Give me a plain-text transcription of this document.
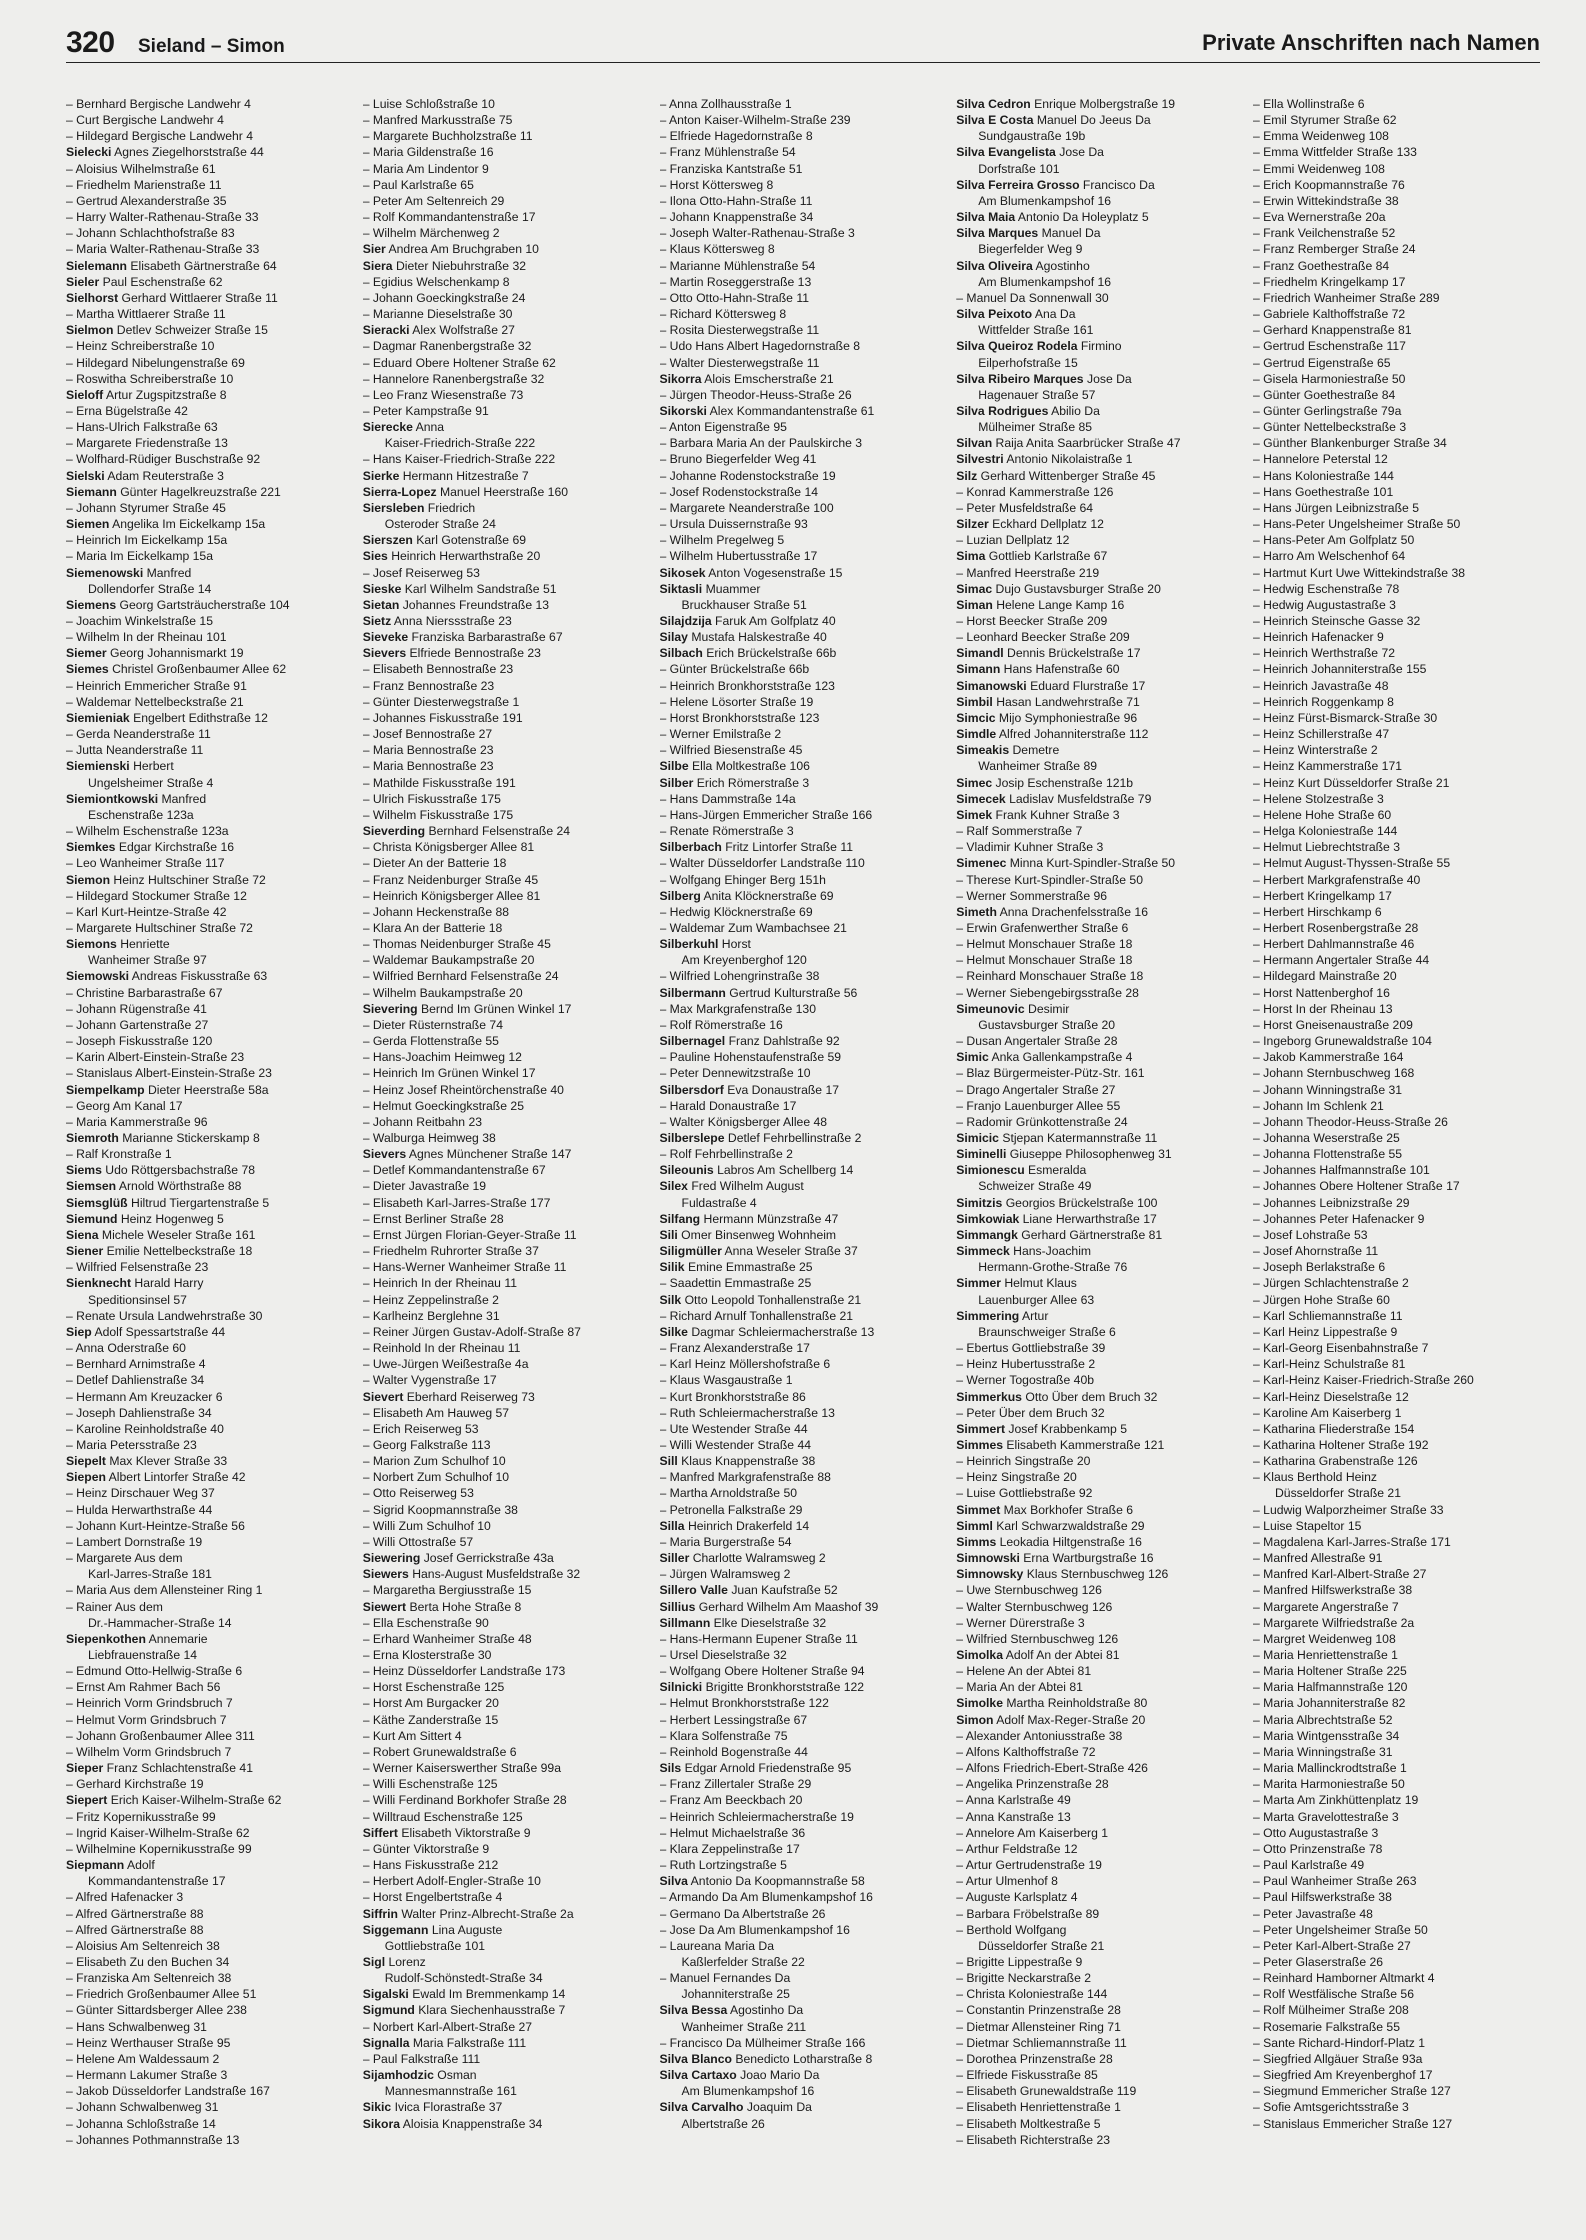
320 Sieland – Simon	Private Anschriften nach Namen
– Bernhard Bergische Landwehr 4
– Curt Bergische Landwehr 4
– Hildegard Bergische Landwehr 4
Sielecki Agnes Ziegelhorststraße 44
– Aloisius Wilhelmstraße 61
– Friedhelm Marienstraße 11
– Gertrud Alexanderstraße 35
– Harry Walter-Rathenau-Straße 33
– Johann Schlachthofstraße 83
– Maria Walter-Rathenau-Straße 33
Sielemann Elisabeth Gärtnerstraße 64
Sieler Paul Eschenstraße 62
Sielhorst Gerhard Wittlaerer Straße 11
– Martha Wittlaerer Straße 11
Sielmon Detlev Schweizer Straße 15
– Heinz Schreiberstraße 10
– Hildegard Nibelungenstraße 69
– Roswitha Schreiberstraße 10
Sieloff Artur Zugspitzstraße 8
– Erna Bügelstraße 42
– Hans-Ulrich Falkstraße 63
– Margarete Friedenstraße 13
– Wolfhard-Rüdiger Buschstraße 92
Sielski Adam Reuterstraße 3
Siemann Günter Hagelkreuzstraße 221
– Johann Styrumer Straße 45
Siemen Angelika Im Eickelkamp 15a
– Heinrich Im Eickelkamp 15a
– Maria Im Eickelkamp 15a
Siemenowski Manfred
Dollendorfer Straße 14
Siemens Georg Gartsträucherstraße 104
– Joachim Winkelstraße 15
– Wilhelm In der Rheinau 101
Siemer Georg Johannismarkt 19
Siemes Christel Großenbaumer Allee 62
– Heinrich Emmericher Straße 91
– Waldemar Nettelbeckstraße 21
Siemieniak Engelbert Edithstraße 12
– Gerda Neanderstraße 11
– Jutta Neanderstraße 11
Siemienski Herbert
Ungelsheimer Straße 4
Siemiontkowski Manfred
Eschenstraße 123a
– Wilhelm Eschenstraße 123a
Siemkes Edgar Kirchstraße 16
– Leo Wanheimer Straße 117
Siemon Heinz Hultschiner Straße 72
– Hildegard Stockumer Straße 12
– Karl Kurt-Heintze-Straße 42
– Margarete Hultschiner Straße 72
Siemons Henriette
Wanheimer Straße 97
Siemowski Andreas Fiskusstraße 63
– Christine Barbarastraße 67
– Johann Rügenstraße 41
– Johann Gartenstraße 27
– Joseph Fiskusstraße 120
– Karin Albert-Einstein-Straße 23
– Stanislaus Albert-Einstein-Straße 23
Siempelkamp Dieter Heerstraße 58a
– Georg Am Kanal 17
– Maria Kammerstraße 96
Siemroth Marianne Stickerskamp 8
– Ralf Kronstraße 1
Siems Udo Röttgersbachstraße 78
Siemsen Arnold Wörthstraße 88
Siemsglüß Hiltrud Tiergartenstraße 5
Siemund Heinz Hogenweg 5
Siena Michele Weseler Straße 161
Siener Emilie Nettelbeckstraße 18
– Wilfried Felsenstraße 23
Sienknecht Harald Harry
Speditionsinsel 57
– Renate Ursula Landwehrstraße 30
Siep Adolf Spessartstraße 44
– Anna Oderstraße 60
– Bernhard Arnimstraße 4
– Detlef Dahlienstraße 34
– Hermann Am Kreuzacker 6
– Joseph Dahlienstraße 34
– Karoline Reinholdstraße 40
– Maria Petersstraße 23
Siepelt Max Klever Straße 33
Siepen Albert Lintorfer Straße 42
– Heinz Dirschauer Weg 37
– Hulda Herwarthstraße 44
– Johann Kurt-Heintze-Straße 56
– Lambert Dornstraße 19
– Margarete Aus dem
Karl-Jarres-Straße 181
– Maria Aus dem Allensteiner Ring 1
– Rainer Aus dem
Dr.-Hammacher-Straße 14
Siepenkothen Annemarie
Liebfrauenstraße 14
– Edmund Otto-Hellwig-Straße 6
– Ernst Am Rahmer Bach 56
– Heinrich Vorm Grindsbruch 7
– Helmut Vorm Grindsbruch 7
– Johann Großenbaumer Allee 311
– Wilhelm Vorm Grindsbruch 7
Sieper Franz Schlachtenstraße 41
– Gerhard Kirchstraße 19
Siepert Erich Kaiser-Wilhelm-Straße 62
– Fritz Kopernikusstraße 99
– Ingrid Kaiser-Wilhelm-Straße 62
– Wilhelmine Kopernikusstraße 99
Siepmann Adolf
Kommandantenstraße 17
– Alfred Hafenacker 3
– Alfred Gärtnerstraße 88
– Alfred Gärtnerstraße 88
– Aloisius Am Seltenreich 38
– Elisabeth Zu den Buchen 34
– Franziska Am Seltenreich 38
– Friedrich Großenbaumer Allee 51
– Günter Sittardsberger Allee 238
– Hans Schwalbenweg 31
– Heinz Werthauser Straße 95
– Helene Am Waldessaum 2
– Hermann Lakumer Straße 3
– Jakob Düsseldorfer Landstraße 167
– Johann Schwalbenweg 31
– Johanna Schloßstraße 14
– Johannes Pothmannstraße 13
– Luise Schloßstraße 10
– Manfred Markusstraße 75
– Margarete Buchholzstraße 11
– Maria Gildenstraße 16
– Maria Am Lindentor 9
– Paul Karlstraße 65
– Peter Am Seltenreich 29
– Rolf Kommandantenstraße 17
– Wilhelm Märchenweg 2
Sier Andrea Am Bruchgraben 10
Siera Dieter Niebuhrstraße 32
– Egidius Welschenkamp 8
– Johann Goeckingkstraße 24
– Marianne Dieselstraße 30
Sieracki Alex Wolfstraße 27
– Dagmar Ranenbergstraße 32
– Eduard Obere Holtener Straße 62
– Hannelore Ranenbergstraße 32
– Leo Franz Wiesenstraße 73
– Peter Kampstraße 91
Sierecke Anna
Kaiser-Friedrich-Straße 222
– Hans Kaiser-Friedrich-Straße 222
Sierke Hermann Hitzestraße 7
Sierra-Lopez Manuel Heerstraße 160
Siersleben Friedrich
Osteroder Straße 24
Sierszen Karl Gotenstraße 69
Sies Heinrich Herwarthstraße 20
– Josef Reiserweg 53
Sieske Karl Wilhelm Sandstraße 51
Sietan Johannes Freundstraße 13
Sietz Anna Nierssstraße 23
Sieveke Franziska Barbarastraße 67
Sievers Elfriede Bennostraße 23
– Elisabeth Bennostraße 23
– Franz Bennostraße 23
– Günter Diesterwegstraße 1
– Johannes Fiskusstraße 191
– Josef Bennostraße 27
– Maria Bennostraße 23
– Maria Bennostraße 23
– Mathilde Fiskusstraße 191
– Ulrich Fiskusstraße 175
– Wilhelm Fiskusstraße 175
Sieverding Bernhard Felsenstraße 24
– Christa Königsberger Allee 81
– Dieter An der Batterie 18
– Franz Neidenburger Straße 45
– Heinrich Königsberger Allee 81
– Johann Heckenstraße 88
– Klara An der Batterie 18
– Thomas Neidenburger Straße 45
– Waldemar Baukampstraße 20
– Wilfried Bernhard Felsenstraße 24
– Wilhelm Baukampstraße 20
Sievering Bernd Im Grünen Winkel 17
– Dieter Rüsternstraße 74
– Gerda Flottenstraße 55
– Hans-Joachim Heimweg 12
– Heinrich Im Grünen Winkel 17
– Heinz Josef Rheintörchenstraße 40
– Helmut Goeckingkstraße 25
– Johann Reitbahn 23
– Walburga Heimweg 38
Sievers Agnes Münchener Straße 147
– Detlef Kommandantenstraße 67
– Dieter Javastraße 19
– Elisabeth Karl-Jarres-Straße 177
– Ernst Berliner Straße 28
– Ernst Jürgen Florian-Geyer-Straße 11
– Friedhelm Ruhrorter Straße 37
– Hans-Werner Wanheimer Straße 11
– Heinrich In der Rheinau 11
– Heinz Zeppelinstraße 2
– Karlheinz Berglehne 31
– Reiner Jürgen Gustav-Adolf-Straße 87
– Reinhold In der Rheinau 11
– Uwe-Jürgen Weißestraße 4a
– Walter Vygenstraße 17
Sievert Eberhard Reiserweg 73
– Elisabeth Am Hauweg 57
– Erich Reiserweg 53
– Georg Falkstraße 113
– Marion Zum Schulhof 10
– Norbert Zum Schulhof 10
– Otto Reiserweg 53
– Sigrid Koopmannstraße 38
– Willi Zum Schulhof 10
– Willi Ottostraße 57
Siewering Josef Gerrickstraße 43a
Siewers Hans-August Musfeldstraße 32
– Margaretha Bergiusstraße 15
Siewert Berta Hohe Straße 8
– Ella Eschenstraße 90
– Erhard Wanheimer Straße 48
– Erna Klosterstraße 30
– Heinz Düsseldorfer Landstraße 173
– Horst Eschenstraße 125
– Horst Am Burgacker 20
– Käthe Zanderstraße 15
– Kurt Am Sittert 4
– Robert Grunewaldstraße 6
– Werner Kaiserswerther Straße 99a
– Willi Eschenstraße 125
– Willi Ferdinand Borkhofer Straße 28
– Willtraud Eschenstraße 125
Siffert Elisabeth Viktorstraße 9
– Günter Viktorstraße 9
– Hans Fiskusstraße 212
– Herbert Adolf-Engler-Straße 10
– Horst Engelbertstraße 4
Siffrin Walter Prinz-Albrecht-Straße 2a
Siggemann Lina Auguste
Gottliebstraße 101
Sigl Lorenz
Rudolf-Schönstedt-Straße 34
Sigalski Ewald Im Bremmenkamp 14
Sigmund Klara Siechenhausstraße 7
– Norbert Karl-Albert-Straße 27
Signalla Maria Falkstraße 111
– Paul Falkstraße 111
Sijamhodzic Osman
Mannesmannstraße 161
Sikic Ivica Florastraße 37
Sikora Aloisia Knappenstraße 34
– Anna Zollhausstraße 1
– Anton Kaiser-Wilhelm-Straße 239
– Elfriede Hagedornstraße 8
– Franz Mühlenstraße 54
– Franziska Kantstraße 51
– Horst Köttersweg 8
– Ilona Otto-Hahn-Straße 11
– Johann Knappenstraße 34
– Joseph Walter-Rathenau-Straße 3
– Klaus Köttersweg 8
– Marianne Mühlenstraße 54
– Martin Roseggerstraße 13
– Otto Otto-Hahn-Straße 11
– Richard Köttersweg 8
– Rosita Diesterwegstraße 11
– Udo Hans Albert Hagedornstraße 8
– Walter Diesterwegstraße 11
Sikorra Alois Emscherstraße 21
– Jürgen Theodor-Heuss-Straße 26
Sikorski Alex Kommandantenstraße 61
– Anton Eigenstraße 95
– Barbara Maria An der Paulskirche 3
– Bruno Biegerfelder Weg 41
– Johanne Rodenstockstraße 19
– Josef Rodenstockstraße 14
– Margarete Neanderstraße 100
– Ursula Duissernstraße 93
– Wilhelm Pregelweg 5
– Wilhelm Hubertusstraße 17
Sikosek Anton Vogesenstraße 15
Siktasli Muammer
Bruckhauser Straße 51
Silajdzija Faruk Am Golfplatz 40
Silay Mustafa Halskestraße 40
Silbach Erich Brückelstraße 66b
– Günter Brückelstraße 66b
– Heinrich Bronkhorststraße 123
– Helene Lösorter Straße 19
– Horst Bronkhorststraße 123
– Werner Emilstraße 2
– Wilfried Biesenstraße 45
Silbe Ella Moltkestraße 106
Silber Erich Römerstraße 3
– Hans Dammstraße 14a
– Hans-Jürgen Emmericher Straße 166
– Renate Römerstraße 3
Silberbach Fritz Lintorfer Straße 11
– Walter Düsseldorfer Landstraße 110
– Wolfgang Ehinger Berg 151h
Silberg Anita Klöcknerstraße 69
– Hedwig Klöcknerstraße 69
– Waldemar Zum Wambachsee 21
Silberkuhl Horst
Am Kreyenberghof 120
– Wilfried Lohengrinstraße 38
Silbermann Gertrud Kulturstraße 56
– Max Markgrafenstraße 130
– Rolf Römerstraße 16
Silbernagel Franz Dahlstraße 92
– Pauline Hohenstaufenstraße 59
– Peter Dennewitzstraße 10
Silbersdorf Eva Donaustraße 17
– Harald Donaustraße 17
– Walter Königsberger Allee 48
Silberslepe Detlef Fehrbellinstraße 2
– Rolf Fehrbellinstraße 2
Sileounis Labros Am Schellberg 14
Silex Fred Wilhelm August
Fuldastraße 4
Silfang Hermann Münzstraße 47
Sili Omer Binsenweg Wohnheim
Siligmüller Anna Weseler Straße 37
Silik Emine Emmastraße 25
– Saadettin Emmastraße 25
Silk Otto Leopold Tonhallenstraße 21
– Richard Arnulf Tonhallenstraße 21
Silke Dagmar Schleiermacherstraße 13
– Franz Alexanderstraße 17
– Karl Heinz Möllershofstraße 6
– Klaus Wasgaustraße 1
– Kurt Bronkhorststraße 86
– Ruth Schleiermacherstraße 13
– Ute Westender Straße 44
– Willi Westender Straße 44
Sill Klaus Knappenstraße 38
– Manfred Markgrafenstraße 88
– Martha Arnoldstraße 50
– Petronella Falkstraße 29
Silla Heinrich Drakerfeld 14
– Maria Burgerstraße 54
Siller Charlotte Walramsweg 2
– Jürgen Walramsweg 2
Sillero Valle Juan Kaufstraße 52
Sillius Gerhard Wilhelm Am Maashof 39
Sillmann Elke Dieselstraße 32
– Hans-Hermann Eupener Straße 11
– Ursel Dieselstraße 32
– Wolfgang Obere Holtener Straße 94
Silnicki Brigitte Bronkhorststraße 122
– Helmut Bronkhorststraße 122
– Herbert Lessingstraße 67
– Klara Solfenstraße 75
– Reinhold Bogenstraße 44
Sils Edgar Arnold Friedenstraße 95
– Franz Zillertaler Straße 29
– Franz Am Beeckbach 20
– Heinrich Schleiermacherstraße 19
– Helmut Michaelstraße 36
– Klara Zeppelinstraße 17
– Ruth Lortzingstraße 5
Silva Antonio Da Koopmannstraße 58
– Armando Da Am Blumenkampshof 16
– Germano Da Albertstraße 26
– Jose Da Am Blumenkampshof 16
– Laureana Maria Da
Kaßlerfelder Straße 22
– Manuel Fernandes Da
Johanniterstraße 25
Silva Bessa Agostinho Da
Wanheimer Straße 211
– Francisco Da Mülheimer Straße 166
Silva Blanco Benedicto Lotharstraße 8
Silva Cartaxo Joao Mario Da
Am Blumenkampshof 16
Silva Carvalho Joaquim Da
Albertstraße 26
Silva Cedron Enrique Molbergstraße 19
Silva E Costa Manuel Do Jeeus Da
Sundgaustraße 19b
Silva Evangelista Jose Da
Dorfstraße 101
Silva Ferreira Grosso Francisco Da
Am Blumenkampshof 16
Silva Maia Antonio Da Holeyplatz 5
Silva Marques Manuel Da
Biegerfelder Weg 9
Silva Oliveira Agostinho
Am Blumenkampshof 16
– Manuel Da Sonnenwall 30
Silva Peixoto Ana Da
Wittfelder Straße 161
Silva Queiroz Rodela Firmino
Eilperhofstraße 15
Silva Ribeiro Marques Jose Da
Hagenauer Straße 57
Silva Rodrigues Abilio Da
Mülheimer Straße 85
Silvan Raija Anita Saarbrücker Straße 47
Silvestri Antonio Nikolaistraße 1
Silz Gerhard Wittenberger Straße 45
– Konrad Kammerstraße 126
– Peter Musfeldstraße 64
Silzer Eckhard Dellplatz 12
– Luzian Dellplatz 12
Sima Gottlieb Karlstraße 67
– Manfred Heerstraße 219
Simac Dujo Gustavsburger Straße 20
Siman Helene Lange Kamp 16
– Horst Beecker Straße 209
– Leonhard Beecker Straße 209
Simandl Dennis Brückelstraße 17
Simann Hans Hafenstraße 60
Simanowski Eduard Flurstraße 17
Simbil Hasan Landwehrstraße 71
Simcic Mijo Symphoniestraße 96
Simdle Alfred Johanniterstraße 112
Simeakis Demetre
Wanheimer Straße 89
Simec Josip Eschenstraße 121b
Simecek Ladislav Musfeldstraße 79
Simek Frank Kuhner Straße 3
– Ralf Sommerstraße 7
– Vladimir Kuhner Straße 3
Simenec Minna Kurt-Spindler-Straße 50
– Therese Kurt-Spindler-Straße 50
– Werner Sommerstraße 96
Simeth Anna Drachenfelsstraße 16
– Erwin Grafenwerther Straße 6
– Helmut Monschauer Straße 18
– Helmut Monschauer Straße 18
– Reinhard Monschauer Straße 18
– Werner Siebengebirgsstraße 28
Simeunovic Desimir
Gustavsburger Straße 20
– Dusan Angertaler Straße 28
Simic Anka Gallenkampstraße 4
– Blaz Bürgermeister-Pütz-Str. 161
– Drago Angertaler Straße 27
– Franjo Lauenburger Allee 55
– Radomir Grünkottenstraße 24
Simicic Stjepan Katermannstraße 11
Siminelli Giuseppe Philosophenweg 31
Simionescu Esmeralda
Schweizer Straße 49
Simitzis Georgios Brückelstraße 100
Simkowiak Liane Herwarthstraße 17
Simmangk Gerhard Gärtnerstraße 81
Simmeck Hans-Joachim
Hermann-Grothe-Straße 76
Simmer Helmut Klaus
Lauenburger Allee 63
Simmering Artur
Braunschweiger Straße 6
– Ebertus Gottliebstraße 39
– Heinz Hubertusstraße 2
– Werner Togostraße 40b
Simmerkus Otto Über dem Bruch 32
– Peter Über dem Bruch 32
Simmert Josef Krabbenkamp 5
Simmes Elisabeth Kammerstraße 121
– Heinrich Singstraße 20
– Heinz Singstraße 20
– Luise Gottliebstraße 92
Simmet Max Borkhofer Straße 6
Simml Karl Schwarzwaldstraße 29
Simms Leokadia Hiltgenstraße 16
Simnowski Erna Wartburgstraße 16
Simnowsky Klaus Sternbuschweg 126
– Uwe Sternbuschweg 126
– Walter Sternbuschweg 126
– Werner Dürerstraße 3
– Wilfried Sternbuschweg 126
Simolka Adolf An der Abtei 81
– Helene An der Abtei 81
– Maria An der Abtei 81
Simolke Martha Reinholdstraße 80
Simon Adolf Max-Reger-Straße 20
– Alexander Antoniusstraße 38
– Alfons Kalthoffstraße 72
– Alfons Friedrich-Ebert-Straße 426
– Angelika Prinzenstraße 28
– Anna Karlstraße 49
– Anna Kanstraße 13
– Annelore Am Kaiserberg 1
– Arthur Feldstraße 12
– Artur Gertrudenstraße 19
– Artur Ulmenhof 8
– Auguste Karlsplatz 4
– Barbara Fröbelstraße 89
– Berthold Wolfgang
Düsseldorfer Straße 21
– Brigitte Lippestraße 9
– Brigitte Neckarstraße 2
– Christa Koloniestraße 144
– Constantin Prinzenstraße 28
– Dietmar Allensteiner Ring 71
– Dietmar Schliemannstraße 11
– Dorothea Prinzenstraße 28
– Elfriede Fiskusstraße 85
– Elisabeth Grunewaldstraße 119
– Elisabeth Henriettenstraße 1
– Elisabeth Moltkestraße 5
– Elisabeth Richterstraße 23
– Ella Wollinstraße 6
– Emil Styrumer Straße 62
– Emma Weidenweg 108
– Emma Wittfelder Straße 133
– Emmi Weidenweg 108
– Erich Koopmannstraße 76
– Erwin Wittekindstraße 38
– Eva Wernerstraße 20a
– Frank Veilchenstraße 52
– Franz Remberger Straße 24
– Franz Goethestraße 84
– Friedhelm Kringelkamp 17
– Friedrich Wanheimer Straße 289
– Gabriele Kalthoffstraße 72
– Gerhard Knappenstraße 81
– Gertrud Eschenstraße 117
– Gertrud Eigenstraße 65
– Gisela Harmoniestraße 50
– Günter Goethestraße 84
– Günter Gerlingstraße 79a
– Günter Nettelbeckstraße 3
– Günther Blankenburger Straße 34
– Hannelore Peterstal 12
– Hans Koloniestraße 144
– Hans Goethestraße 101
– Hans Jürgen Leibnizstraße 5
– Hans-Peter Ungelsheimer Straße 50
– Hans-Peter Am Golfplatz 50
– Harro Am Welschenhof 64
– Hartmut Kurt Uwe Wittekindstraße 38
– Hedwig Eschenstraße 78
– Hedwig Augustastraße 3
– Heinrich Steinsche Gasse 32
– Heinrich Hafenacker 9
– Heinrich Werthstraße 72
– Heinrich Johanniterstraße 155
– Heinrich Javastraße 48
– Heinrich Roggenkamp 8
– Heinz Fürst-Bismarck-Straße 30
– Heinz Schillerstraße 47
– Heinz Winterstraße 2
– Heinz Kammerstraße 171
– Heinz Kurt Düsseldorfer Straße 21
– Helene Stolzestraße 3
– Helene Hohe Straße 60
– Helga Koloniestraße 144
– Helmut Liebrechtstraße 3
– Helmut August-Thyssen-Straße 55
– Herbert Markgrafenstraße 40
– Herbert Kringelkamp 17
– Herbert Hirschkamp 6
– Herbert Rosenbergstraße 28
– Herbert Dahlmannstraße 46
– Hermann Angertaler Straße 44
– Hildegard Mainstraße 20
– Horst Nattenberghof 16
– Horst In der Rheinau 13
– Horst Gneisenaustraße 209
– Ingeborg Grunewaldstraße 104
– Jakob Kammerstraße 164
– Johann Sternbuschweg 168
– Johann Winningstraße 31
– Johann Im Schlenk 21
– Johann Theodor-Heuss-Straße 26
– Johanna Weserstraße 25
– Johanna Flottenstraße 55
– Johannes Halfmannstraße 101
– Johannes Obere Holtener Straße 17
– Johannes Leibnizstraße 29
– Johannes Peter Hafenacker 9
– Josef Lohstraße 53
– Josef Ahornstraße 11
– Joseph Berlakstraße 6
– Jürgen Schlachtenstraße 2
– Jürgen Hohe Straße 60
– Karl Schliemannstraße 11
– Karl Heinz Lippestraße 9
– Karl-Georg Eisenbahnstraße 7
– Karl-Heinz Schulstraße 81
– Karl-Heinz Kaiser-Friedrich-Straße 260
– Karl-Heinz Dieselstraße 12
– Karoline Am Kaiserberg 1
– Katharina Fliederstraße 154
– Katharina Holtener Straße 192
– Katharina Grabenstraße 126
– Klaus Berthold Heinz
Düsseldorfer Straße 21
– Ludwig Walporzheimer Straße 33
– Luise Stapeltor 15
– Magdalena Karl-Jarres-Straße 171
– Manfred Allestraße 91
– Manfred Karl-Albert-Straße 27
– Manfred Hilfswerkstraße 38
– Margarete Angerstraße 7
– Margarete Wilfriedstraße 2a
– Margret Weidenweg 108
– Maria Henriettenstraße 1
– Maria Holtener Straße 225
– Maria Halfmannstraße 120
– Maria Johanniterstraße 82
– Maria Albrechtstraße 52
– Maria Wintgensstraße 34
– Maria Winningstraße 31
– Maria Mallinckrodtstraße 1
– Marita Harmoniestraße 50
– Marta Am Zinkhüttenplatz 19
– Marta Gravelottestraße 3
– Otto Augustastraße 3
– Otto Prinzenstraße 78
– Paul Karlstraße 49
– Paul Wanheimer Straße 263
– Paul Hilfswerkstraße 38
– Peter Javastraße 48
– Peter Ungelsheimer Straße 50
– Peter Karl-Albert-Straße 27
– Peter Glaserstraße 26
– Reinhard Hamborner Altmarkt 4
– Rolf Westfälische Straße 56
– Rolf Mülheimer Straße 208
– Rosemarie Falkstraße 55
– Sante Richard-Hindorf-Platz 1
– Siegfried Allgäuer Straße 93a
– Siegfried Am Kreyenberghof 17
– Siegmund Emmericher Straße 127
– Sofie Amtsgerichtsstraße 3
– Stanislaus Emmericher Straße 127
